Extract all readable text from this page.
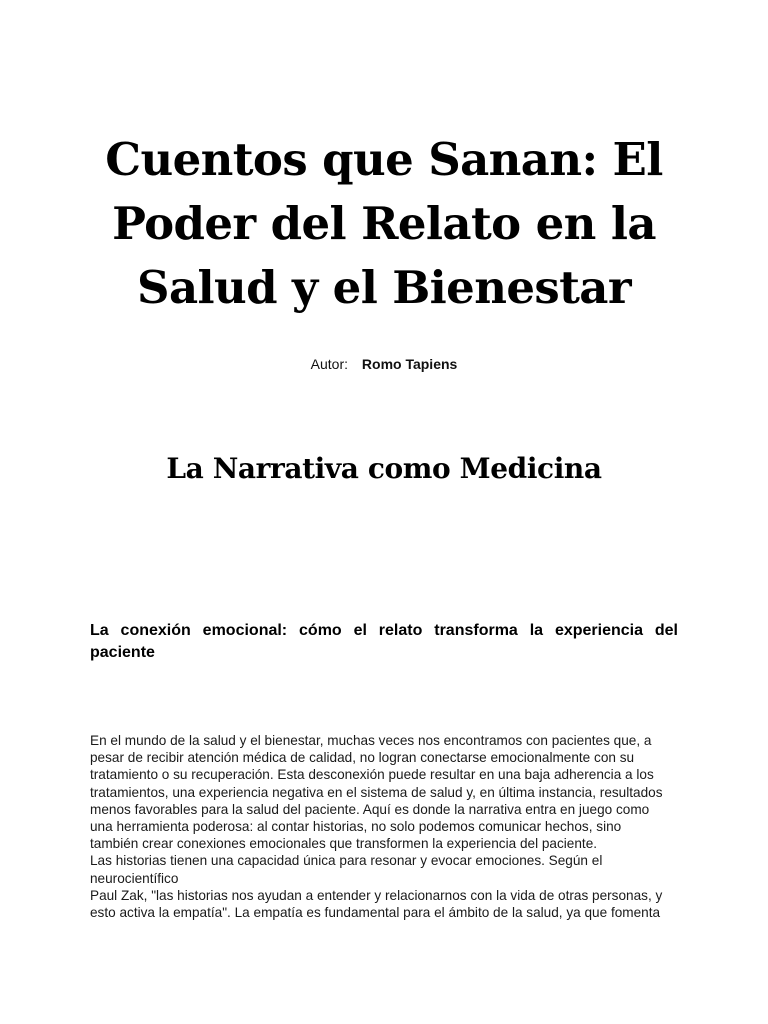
Cuentos que Sanan: El Poder del Relato en la Salud y el Bienestar
Autor: Romo Tapiens
La Narrativa como Medicina
La conexión emocional: cómo el relato transforma la experiencia del paciente
En el mundo de la salud y el bienestar, muchas veces nos encontramos con pacientes que, a
pesar de recibir atención médica de calidad, no logran conectarse emocionalmente con su
tratamiento o su recuperación. Esta desconexión puede resultar en una baja adherencia a los
tratamientos, una experiencia negativa en el sistema de salud y, en última instancia, resultados
menos favorables para la salud del paciente. Aquí es donde la narrativa entra en juego como
una herramienta poderosa: al contar historias, no solo podemos comunicar hechos, sino
también crear conexiones emocionales que transformen la experiencia del paciente.
Las historias tienen una capacidad única para resonar y evocar emociones. Según el
neurocientífico
Paul Zak, "las historias nos ayudan a entender y relacionarnos con la vida de otras personas, y
esto activa la empatía". La empatía es fundamental para el ámbito de la salud, ya que fomenta
